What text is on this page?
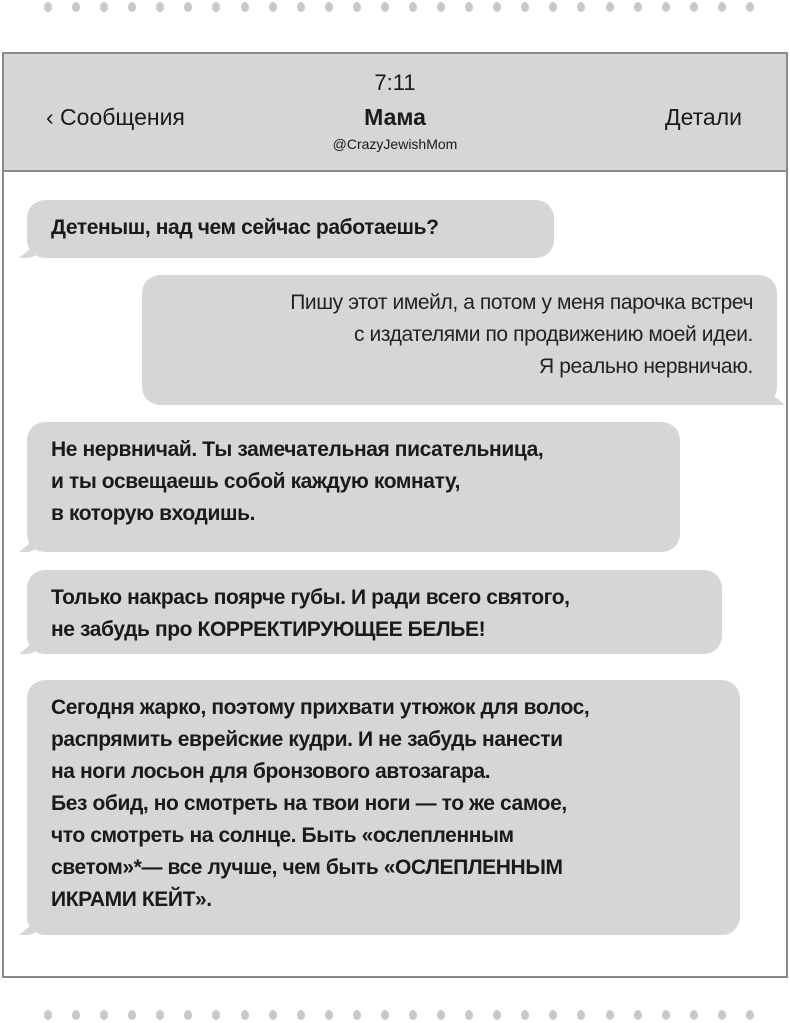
7:11
‹ Сообщения	Мама
@CrazyJewishMom
Детали
Детеныш, над чем сейчас работаешь?
Пишу этот имейл, а потом у меня парочка встреч
с издателями по продвижению моей идеи.
Я реально нервничаю.
Не нервничай. Ты замечательная писательница,
и ты освещаешь собой каждую комнату,
в которую входишь.
Только накрась поярче губы. И ради всего святого,
не забудь про КОРРЕКТИРУЮЩЕЕ БЕЛЬЕ!
Сегодня жарко, поэтому прихвати утюжок для волос,
распрямить еврейские кудри. И не забудь нанести
на ноги лосьон для бронзового автозагара.
Без обид, но смотреть на твои ноги — то же самое,
что смотреть на солнце. Быть «ослепленным
светом»*— все лучше, чем быть «ОСЛЕПЛЕННЫМ
ИКРАМИ КЕЙТ».
